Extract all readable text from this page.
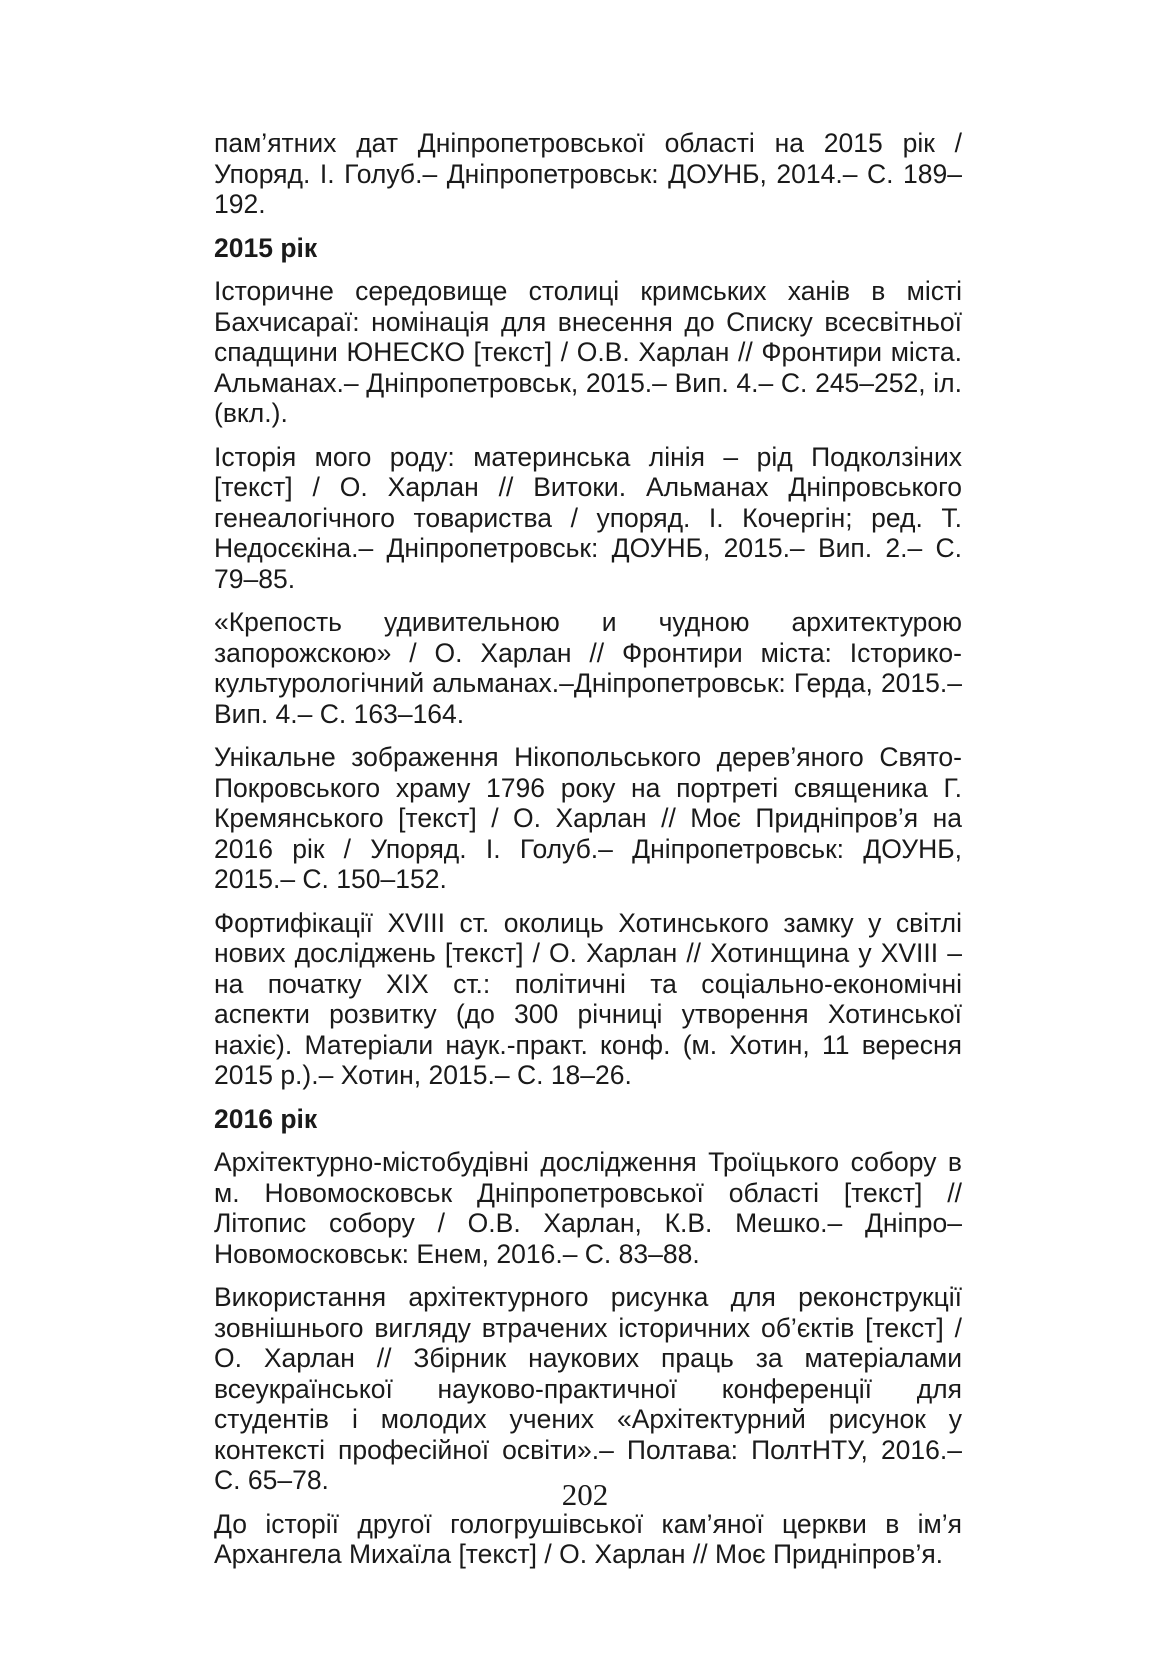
пам’ятних дат Дніпропетровської області на 2015 рік / Упоряд. І. Голуб.– Дніпропетровськ: ДОУНБ, 2014.– С. 189–192.

2015 рік

Історичне середовище столиці кримських ханів в місті Бахчисараї: номінація для внесення до Списку всесвітньої спадщини ЮНЕСКО [текст] / О.В. Харлан // Фронтири міста. Альманах.– Дніпропетровськ, 2015.– Вип. 4.– С. 245–252, іл. (вкл.).

Історія мого роду: материнська лінія – рід Подколзіних [текст] / О. Харлан // Витоки. Альманах Дніпровського генеалогічного товариства / упоряд. І. Кочергін; ред. Т. Недосєкіна.– Дніпропетровськ: ДОУНБ, 2015.– Вип. 2.– С. 79–85.

«Крепость удивительною и чудною архитектурою запорожскою» / О. Харлан // Фронтири міста: Історико-культурологічний альманах.–Дніпропетровськ: Герда, 2015.– Вип. 4.– С. 163–164.

Унікальне зображення Нікопольського дерев’яного Свято-Покровського храму 1796 року на портреті священика Г. Кремянського [текст] / О. Харлан // Моє Придніпров’я на 2016 рік / Упоряд. І. Голуб.– Дніпропетровськ: ДОУНБ, 2015.– С. 150–152.

Фортифікації XVIII ст. околиць Хотинського замку у світлі нових досліджень [текст] / О. Харлан // Хотинщина у XVIII – на початку XIX ст.: політичні та соціально-економічні аспекти розвитку (до 300 річниці утворення Хотинської нахіє). Матеріали наук.-практ. конф. (м. Хотин, 11 вересня 2015 р.).– Хотин, 2015.– С. 18–26.

2016 рік

Архітектурно-містобудівні дослідження Троїцького собору в м. Новомосковськ Дніпропетровської області [текст] // Літопис собору / О.В. Харлан, К.В. Мешко.– Дніпро–Новомосковськ: Енем, 2016.– С. 83–88.

Використання архітектурного рисунка для реконструкції зовнішнього вигляду втрачених історичних об’єктів [текст] / О. Харлан // Збірник наукових праць за матеріалами всеукраїнської науково-практичної конференції для студентів і молодих учених «Архітектурний рисунок у контексті професійної освіти».– Полтава: ПолтНТУ, 2016.– С. 65–78.

До історії другої гологрушівської кам’яної церкви в ім’я Архангела Михаїла [текст] / О. Харлан // Моє Придніпров’я.

202
